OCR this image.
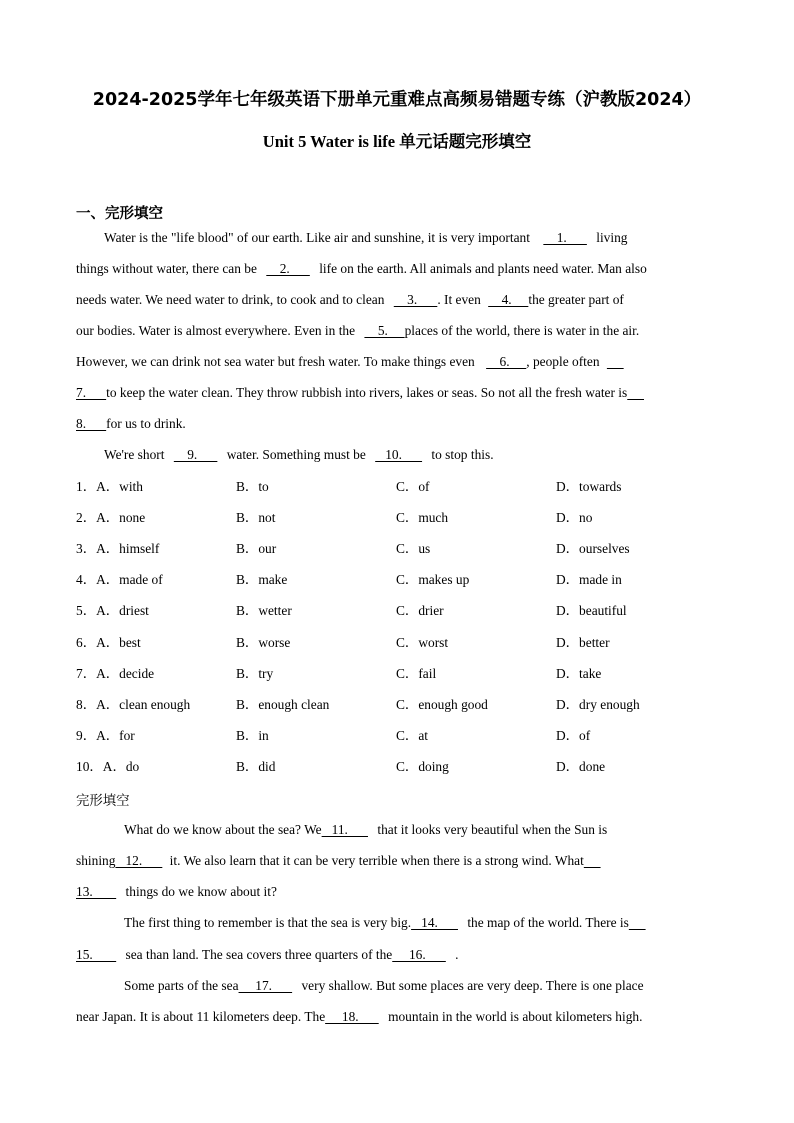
2024-2025学年七年级英语下册单元重难点高频易错题专练（沪教版2024）
Unit 5 Water is life 单元话题完形填空
一、完形填空
Water is the "life blood" of our earth. Like air and sunshine, it is very important     1.       living
things without water, there can be     2.       life on the earth. All animals and plants need water. Man also
needs water. We need water to drink, to cook and to clean     3.      . It even     4.     the greater part of
our bodies. Water is almost everywhere. Even in the     5.     places of the world, there is water in the air.
However, we can drink not sea water but fresh water. To make things even     6.     , people often
7.      to keep the water clean. They throw rubbish into rivers, lakes or seas. So not all the fresh water is
8.      for us to drink.
We're short     9.       water. Something must be    10.       to stop this.
1．A．with	B．to	C．of	D．towards
2．A．none	B．not	C．much	D．no
3．A．himself	B．our	C．us	D．ourselves
4．A．made of	B．make	C．makes up	D．made in
5．A．driest	B．wetter	C．drier	D．beautiful
6．A．best	B．worse	C．worst	D．better
7．A．decide	B．try	C．fail	D．take
8．A．clean enough	B．enough clean	C．enough good	D．dry enough
9．A．for	B．in	C．at	D．of
10．A．do	B．did	C．doing	D．done
完形填空
What do we know about the sea? We   11.       that it looks very beautiful when the Sun is
shining   12.       it. We also learn that it can be very terrible when there is a strong wind. What
13.        things do we know about it?
The first thing to remember is that the sea is very big.   14.       the map of the world. There is
15.        sea than land. The sea covers three quarters of the     16.       .
Some parts of the sea     17.       very shallow. But some places are very deep. There is one place
near Japan. It is about 11 kilometers deep. The     18.       mountain in the world is about kilometers high.
